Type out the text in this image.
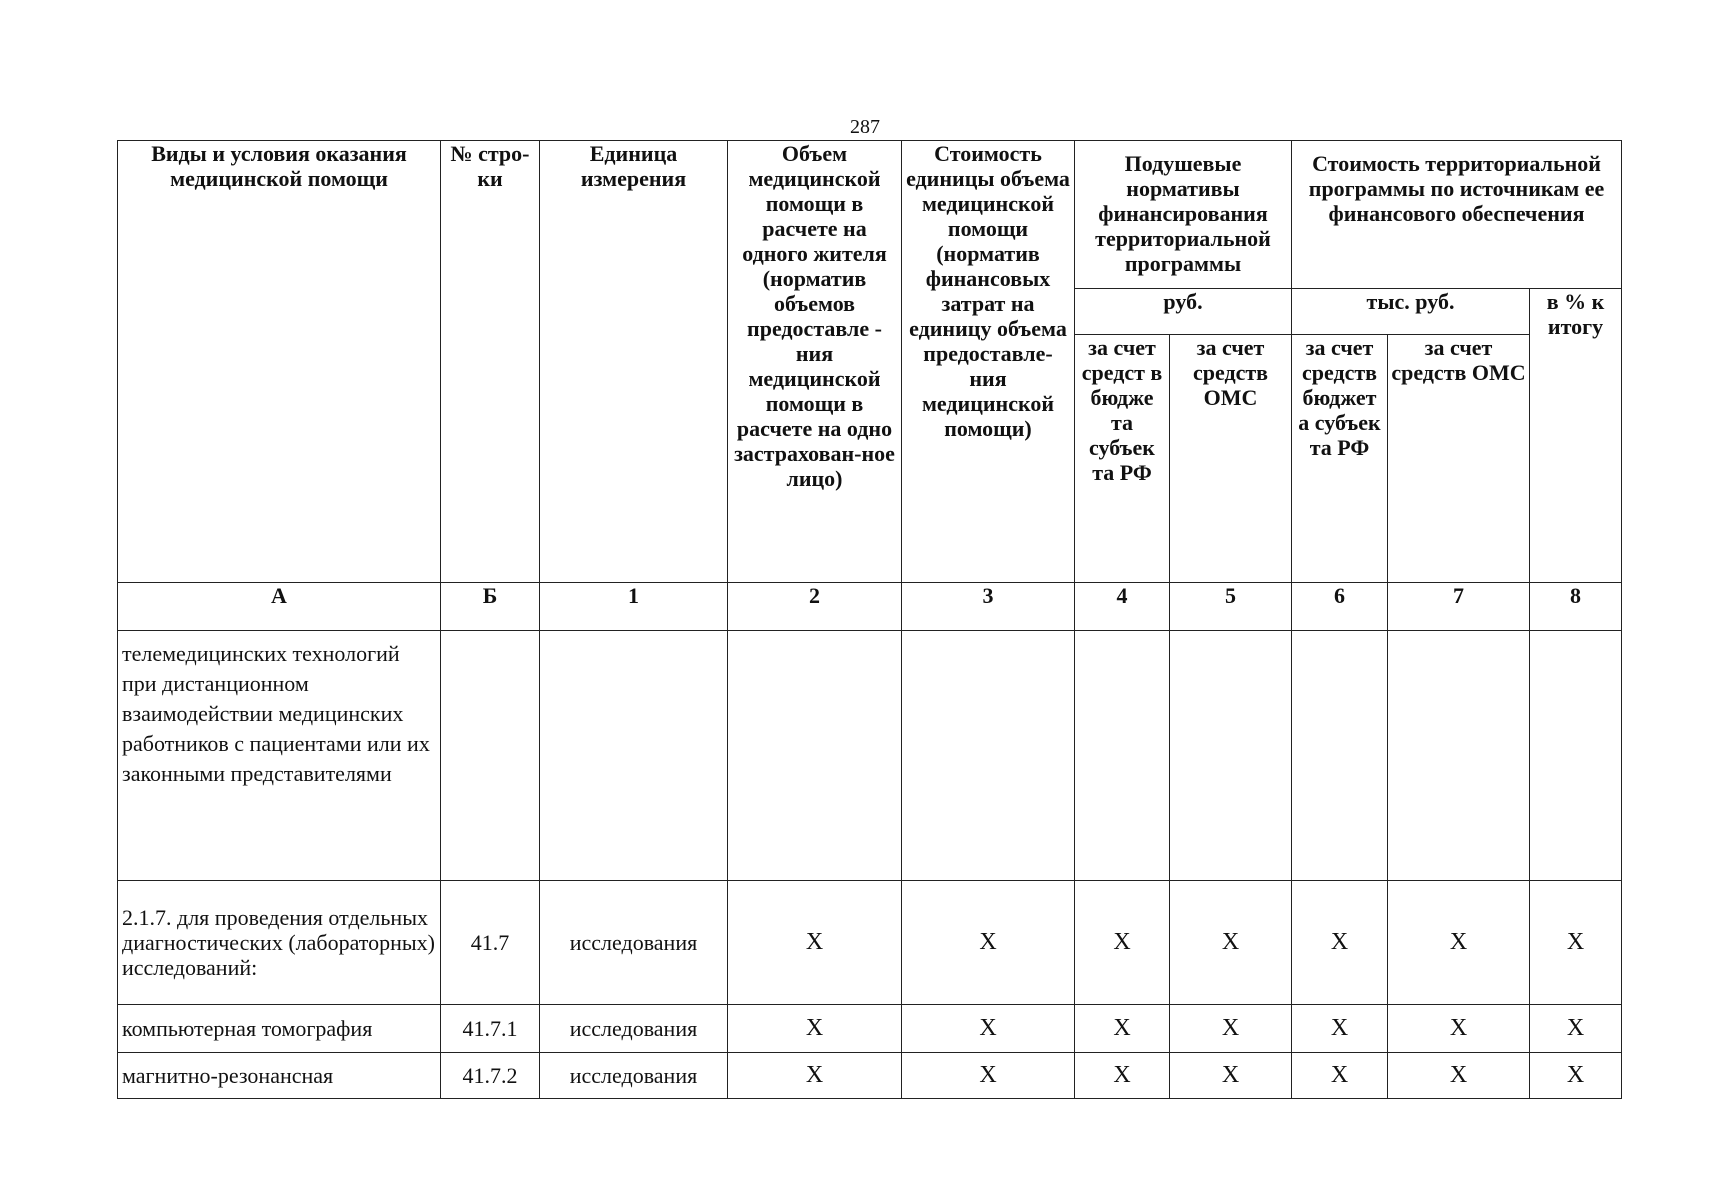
287
Виды и условия оказания медицинской помощи	№ стро-ки	Единица измерения	Объем медицинской помощи в расчете на одного жителя (норматив объемов предоставле - ния медицинской помощи в расчете на одно застрахован-ное лицо)	Стоимость единицы объема медицинской помощи (норматив финансовых затрат на единицу объема предоставле-ния медицинской помощи)	Подушевые нормативы финансирования территориальной программы		Стоимость территориальной программы по источникам ее финансового обеспечения		
					руб.		тыс. руб.		в % к итогу
					за счет средст в бюдже та субъек та РФ	за счет средств ОМС	за счет средств бюджет а субъек та РФ	за счет средств ОМС	
А	Б	1	2	3	4	5	6	7	8
телемедицинских технологий при дистанционном взаимодействии медицинских работников с пациентами или их законными представителями									
2.1.7. для проведения отдельных диагностических (лабораторных) исследований:	41.7	исследования	Х	Х	Х	Х	Х	Х	Х
компьютерная томография	41.7.1	исследования	Х	Х	Х	Х	Х	Х	Х
магнитно-резонансная	41.7.2	исследования	Х	Х	Х	Х	Х	Х	Х
